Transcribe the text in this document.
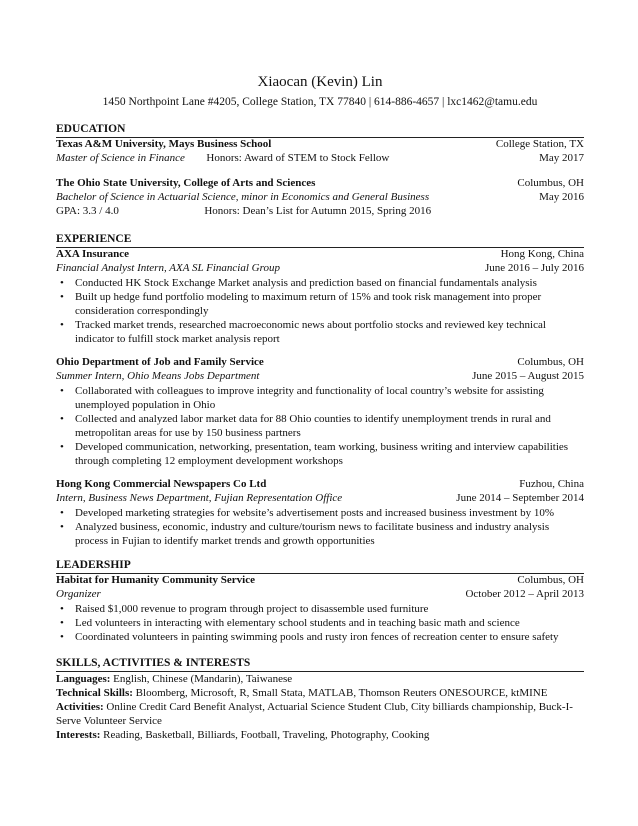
Xiaocan (Kevin) Lin
1450 Northpoint Lane #4205, College Station, TX 77840 | 614-886-4657 | lxc1462@tamu.edu
EDUCATION
Texas A&M University, Mays Business School	College Station, TX
Master of Science in Finance Honors: Award of STEM to Stock Fellow	May 2017
The Ohio State University, College of Arts and Sciences	Columbus, OH
Bachelor of Science in Actuarial Science, minor in Economics and General Business	May 2016
GPA: 3.3 / 4.0	Honors: Dean’s List for Autumn 2015, Spring 2016
EXPERIENCE
AXA Insurance	Hong Kong, China
Financial Analyst Intern, AXA SL Financial Group	June 2016 – July 2016
• Conducted HK Stock Exchange Market analysis and prediction based on financial fundamentals analysis
• Built up hedge fund portfolio modeling to maximum return of 15% and took risk management into proper consideration correspondingly
• Tracked market trends, researched macroeconomic news about portfolio stocks and reviewed key technical indicator to fulfill stock market analysis report
Ohio Department of Job and Family Service	Columbus, OH
Summer Intern, Ohio Means Jobs Department	June 2015 – August 2015
• Collaborated with colleagues to improve integrity and functionality of local country’s website for assisting unemployed population in Ohio
• Collected and analyzed labor market data for 88 Ohio counties to identify unemployment trends in rural and metropolitan areas for use by 150 business partners
• Developed communication, networking, presentation, team working, business writing and interview capabilities through completing 12 employment development workshops
Hong Kong Commercial Newspapers Co Ltd	Fuzhou, China
Intern, Business News Department, Fujian Representation Office	June 2014 – September 2014
• Developed marketing strategies for website’s advertisement posts and increased business investment by 10%
• Analyzed business, economic, industry and culture/tourism news to facilitate business and industry analysis process in Fujian to identify market trends and growth opportunities
LEADERSHIP
Habitat for Humanity Community Service	Columbus, OH
Organizer	October 2012 – April 2013
• Raised $1,000 revenue to program through project to disassemble used furniture
• Led volunteers in interacting with elementary school students and in teaching basic math and science
• Coordinated volunteers in painting swimming pools and rusty iron fences of recreation center to ensure safety
SKILLS, ACTIVITIES & INTERESTS
Languages: English, Chinese (Mandarin), Taiwanese
Technical Skills: Bloomberg, Microsoft, R, Small Stata, MATLAB, Thomson Reuters ONESOURCE, ktMINE
Activities: Online Credit Card Benefit Analyst, Actuarial Science Student Club, City billiards championship, Buck-I-Serve Volunteer Service
Interests: Reading, Basketball, Billiards, Football, Traveling, Photography, Cooking
